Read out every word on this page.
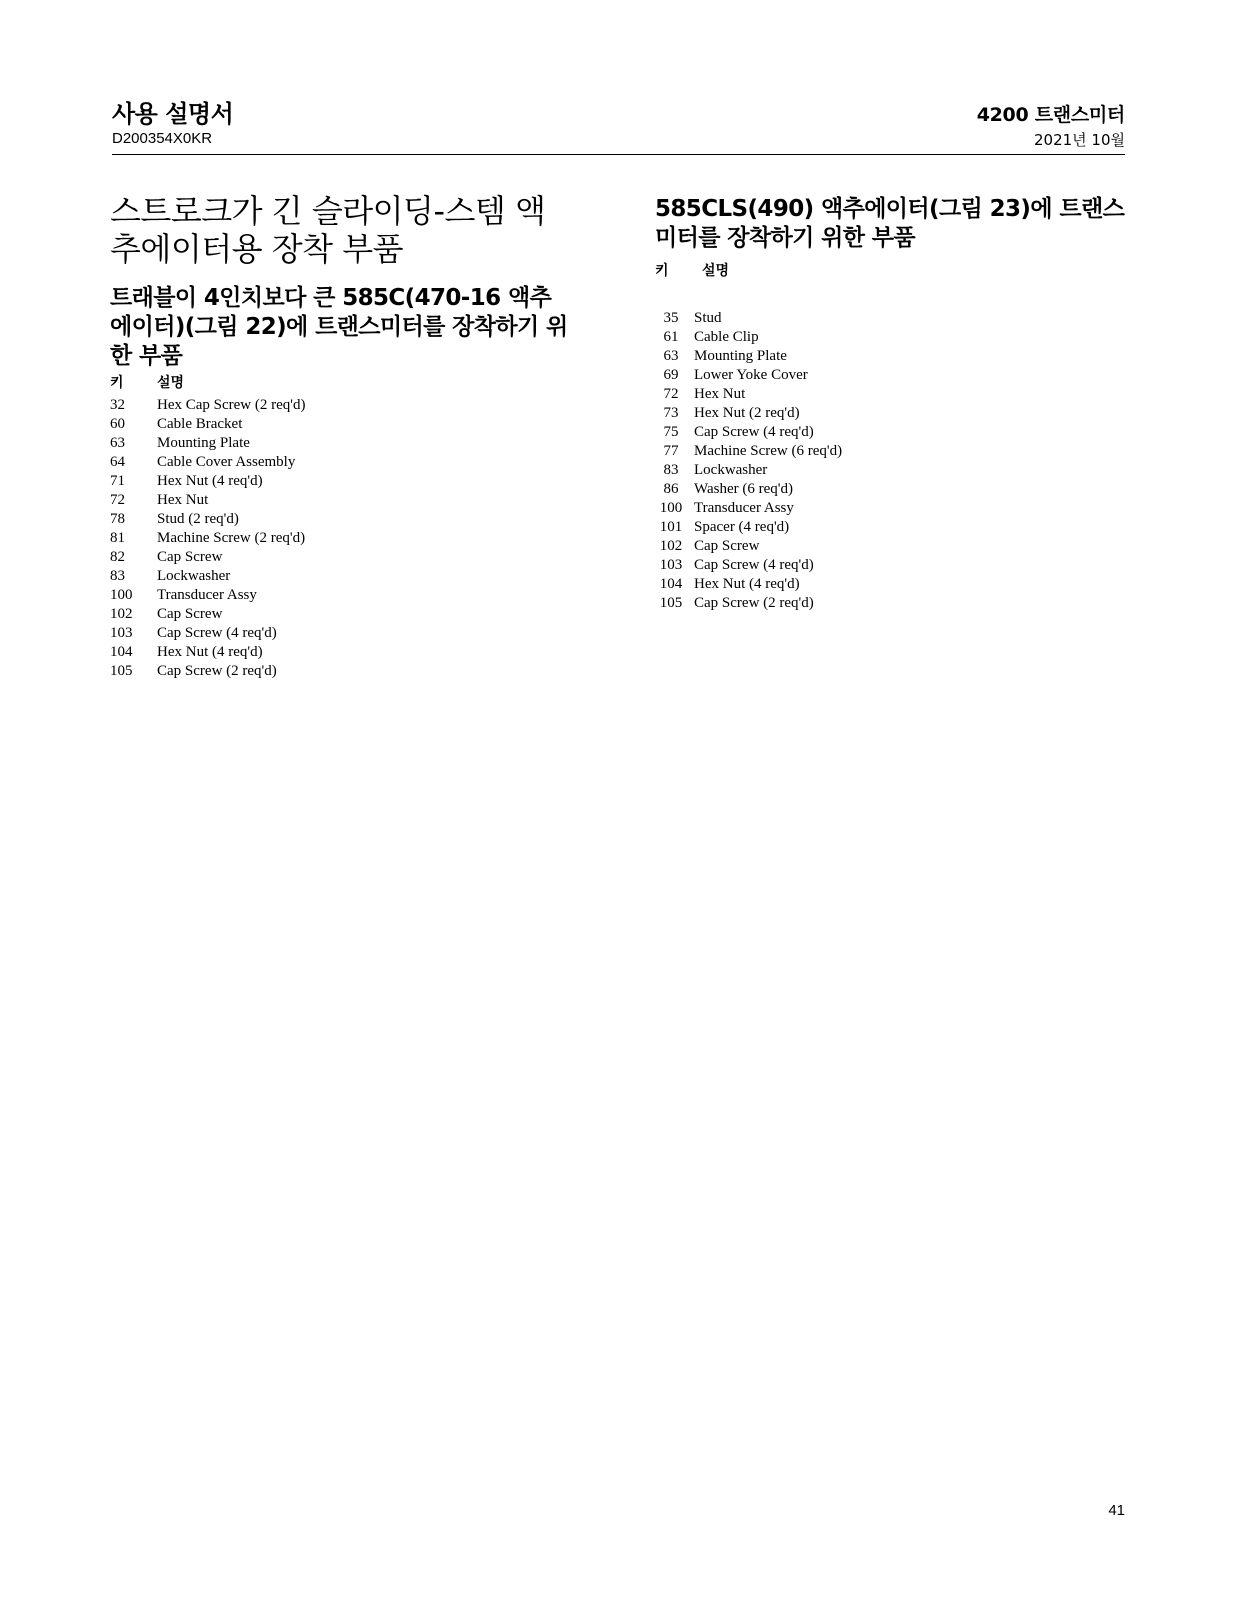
사용 설명서
D200354X0KR
4200 트랜스미터
2021년 10월
스트로크가 긴 슬라이딩-스템 액추에이터용 장착 부품
트래블이 4인치보다 큰 585C(470-16 액추에이터)(그림 22)에 트랜스미터를 장착하기 위한 부품
키 설명
32	Hex Cap Screw (2 req'd)
60	Cable Bracket
63	Mounting Plate
64	Cable Cover Assembly
71	Hex Nut (4 req'd)
72	Hex Nut
78	Stud (2 req'd)
81	Machine Screw (2 req'd)
82	Cap Screw
83	Lockwasher
100	Transducer Assy
102	Cap Screw
103	Cap Screw (4 req'd)
104	Hex Nut (4 req'd)
105	Cap Screw (2 req'd)
585CLS(490) 액추에이터(그림 23)에 트랜스미터를 장착하기 위한 부품
키 설명
35	Stud
61	Cable Clip
63	Mounting Plate
69	Lower Yoke Cover
72	Hex Nut
73	Hex Nut (2 req'd)
75	Cap Screw (4 req'd)
77	Machine Screw (6 req'd)
83	Lockwasher
86	Washer (6 req'd)
100 Transducer Assy
101 Spacer (4 req'd)
102 Cap Screw
103 Cap Screw (4 req'd)
104 Hex Nut (4 req'd)
105 Cap Screw (2 req'd)
41
